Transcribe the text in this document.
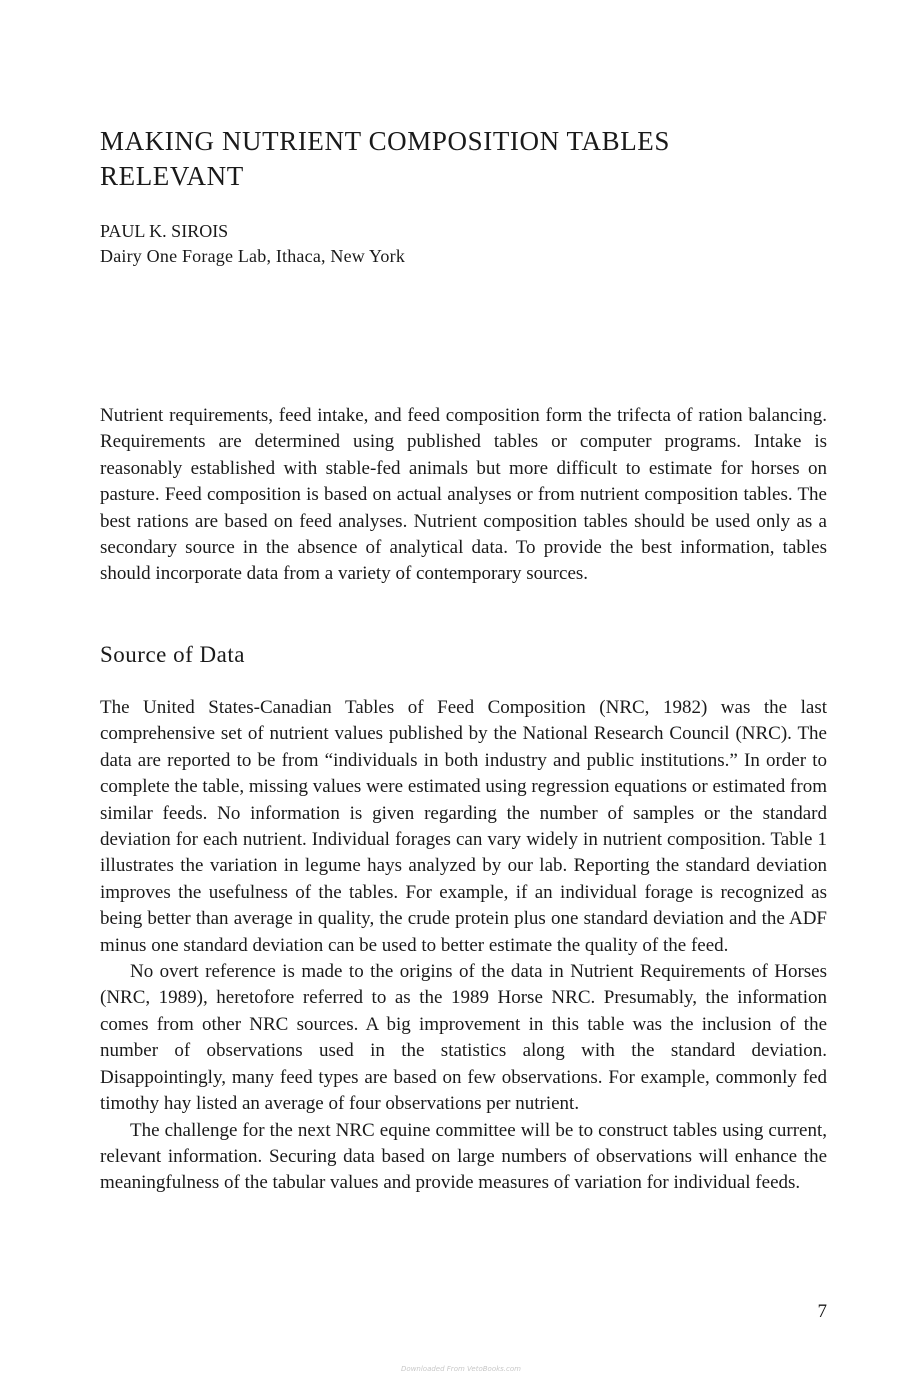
MAKING NUTRIENT COMPOSITION TABLES
RELEVANT
PAUL K. SIROIS
Dairy One Forage Lab, Ithaca, New York

Nutrient requirements, feed intake, and feed composition form the trifecta of ration balancing. Requirements are determined using published tables or computer programs. Intake is reasonably established with stable-fed animals but more difficult to estimate for horses on pasture. Feed composition is based on actual analyses or from nutrient composition tables. The best rations are based on feed analyses. Nutrient composition tables should be used only as a secondary source in the absence of analytical data. To provide the best information, tables should incorporate data from a variety of contemporary sources.

Source of Data

The United States-Canadian Tables of Feed Composition (NRC, 1982) was the last comprehensive set of nutrient values published by the National Research Council (NRC). The data are reported to be from “individuals in both industry and public institutions.” In order to complete the table, missing values were estimated using regression equations or estimated from similar feeds. No information is given regarding the number of samples or the standard deviation for each nutrient. Individual forages can vary widely in nutrient composition. Table 1 illustrates the variation in legume hays analyzed by our lab. Reporting the standard deviation improves the usefulness of the tables. For example, if an individual forage is recognized as being better than average in quality, the crude protein plus one standard deviation and the ADF minus one standard deviation can be used to better estimate the quality of the feed.

No overt reference is made to the origins of the data in Nutrient Requirements of Horses (NRC, 1989), heretofore referred to as the 1989 Horse NRC. Presumably, the information comes from other NRC sources. A big improvement in this table was the inclusion of the number of observations used in the statistics along with the standard deviation. Disappointingly, many feed types are based on few observations. For example, commonly fed timothy hay listed an average of four observations per nutrient.

The challenge for the next NRC equine committee will be to construct tables using current, relevant information. Securing data based on large numbers of observations will enhance the meaningfulness of the tabular values and provide measures of variation for individual feeds.

7
Downloaded From VetoBooks.com
